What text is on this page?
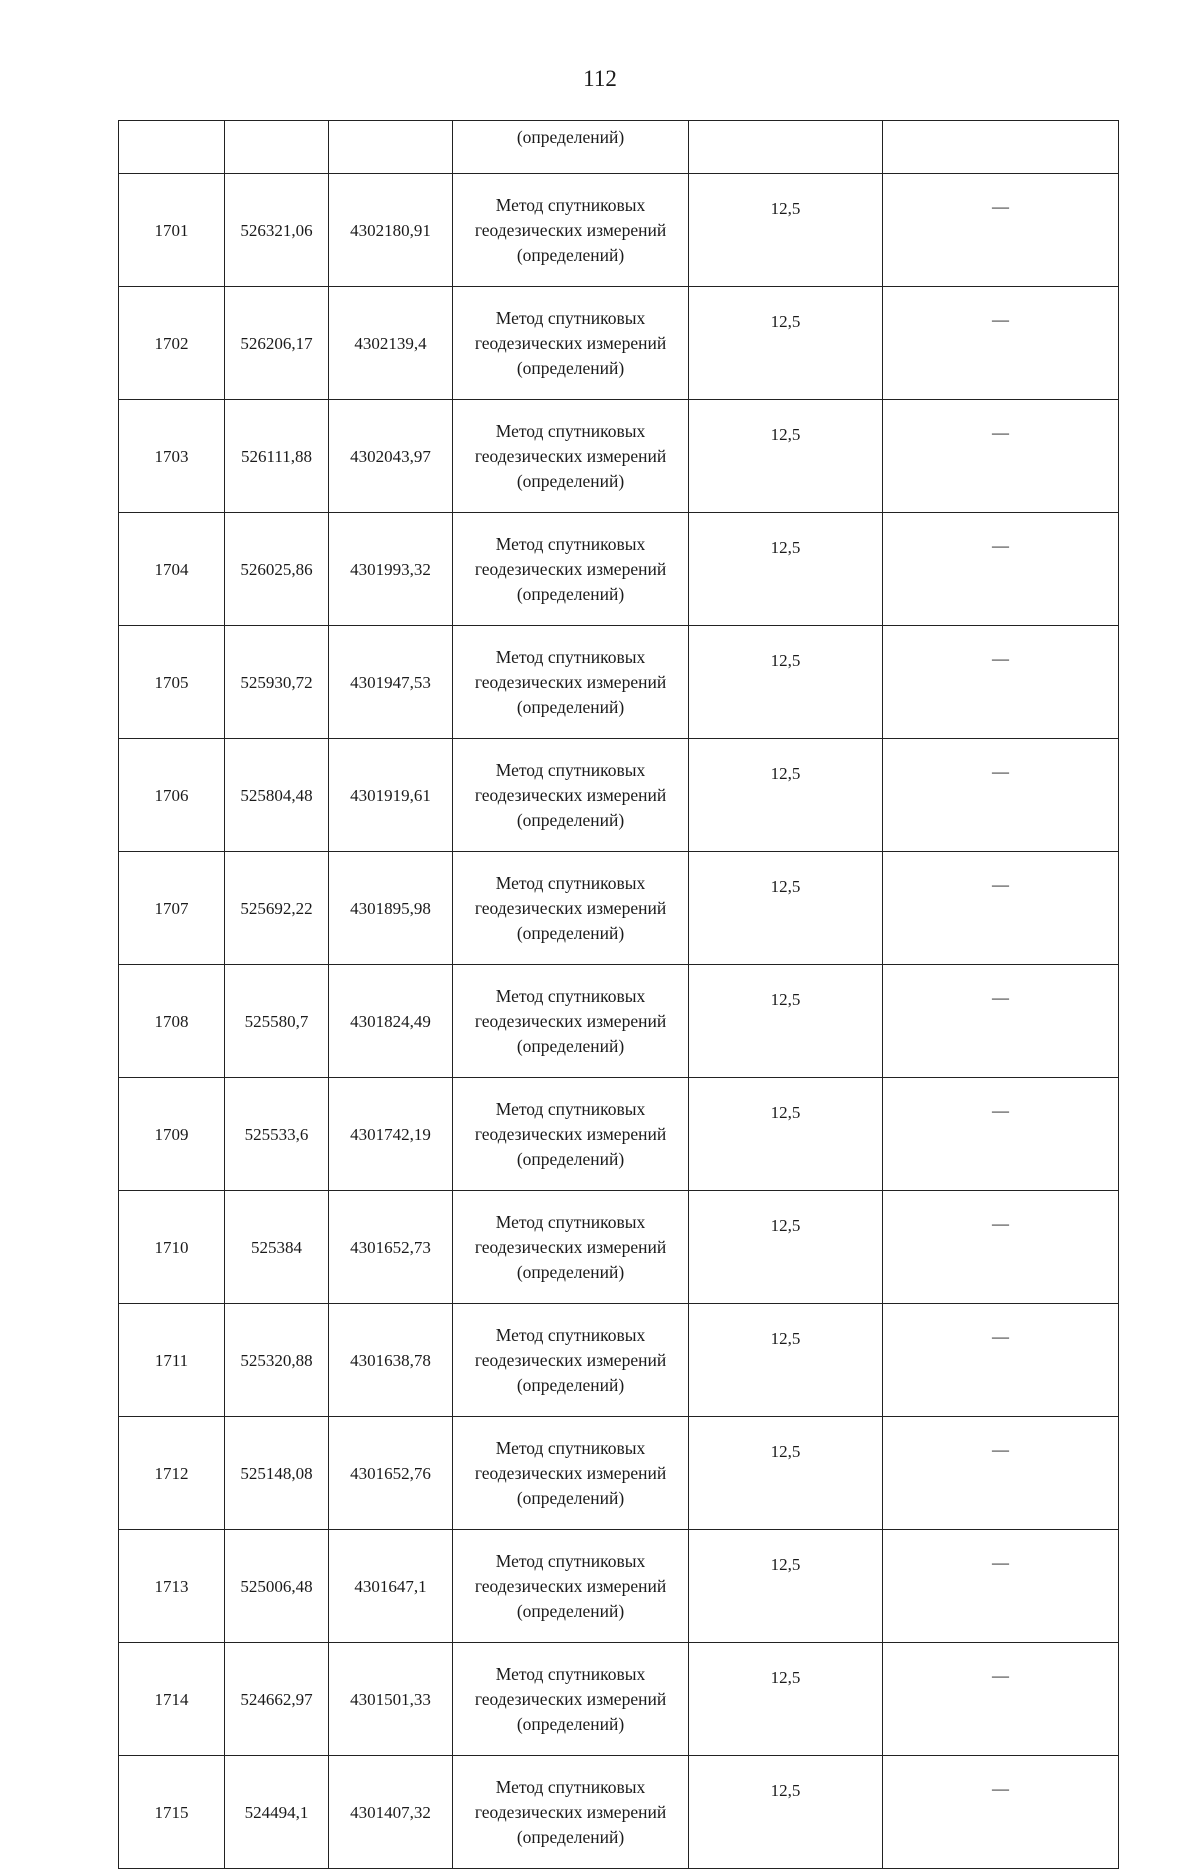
112
			(определений)		
1701	526321,06	4302180,91	Метод спутниковых
геодезических измерений
(определений)	12,5	—
1702	526206,17	4302139,4	Метод спутниковых
геодезических измерений
(определений)	12,5	—
1703	526111,88	4302043,97	Метод спутниковых
геодезических измерений
(определений)	12,5	—
1704	526025,86	4301993,32	Метод спутниковых
геодезических измерений
(определений)	12,5	—
1705	525930,72	4301947,53	Метод спутниковых
геодезических измерений
(определений)	12,5	—
1706	525804,48	4301919,61	Метод спутниковых
геодезических измерений
(определений)	12,5	—
1707	525692,22	4301895,98	Метод спутниковых
геодезических измерений
(определений)	12,5	—
1708	525580,7	4301824,49	Метод спутниковых
геодезических измерений
(определений)	12,5	—
1709	525533,6	4301742,19	Метод спутниковых
геодезических измерений
(определений)	12,5	—
1710	525384	4301652,73	Метод спутниковых
геодезических измерений
(определений)	12,5	—
1711	525320,88	4301638,78	Метод спутниковых
геодезических измерений
(определений)	12,5	—
1712	525148,08	4301652,76	Метод спутниковых
геодезических измерений
(определений)	12,5	—
1713	525006,48	4301647,1	Метод спутниковых
геодезических измерений
(определений)	12,5	—
1714	524662,97	4301501,33	Метод спутниковых
геодезических измерений
(определений)	12,5	—
1715	524494,1	4301407,32	Метод спутниковых
геодезических измерений
(определений)	12,5	—
